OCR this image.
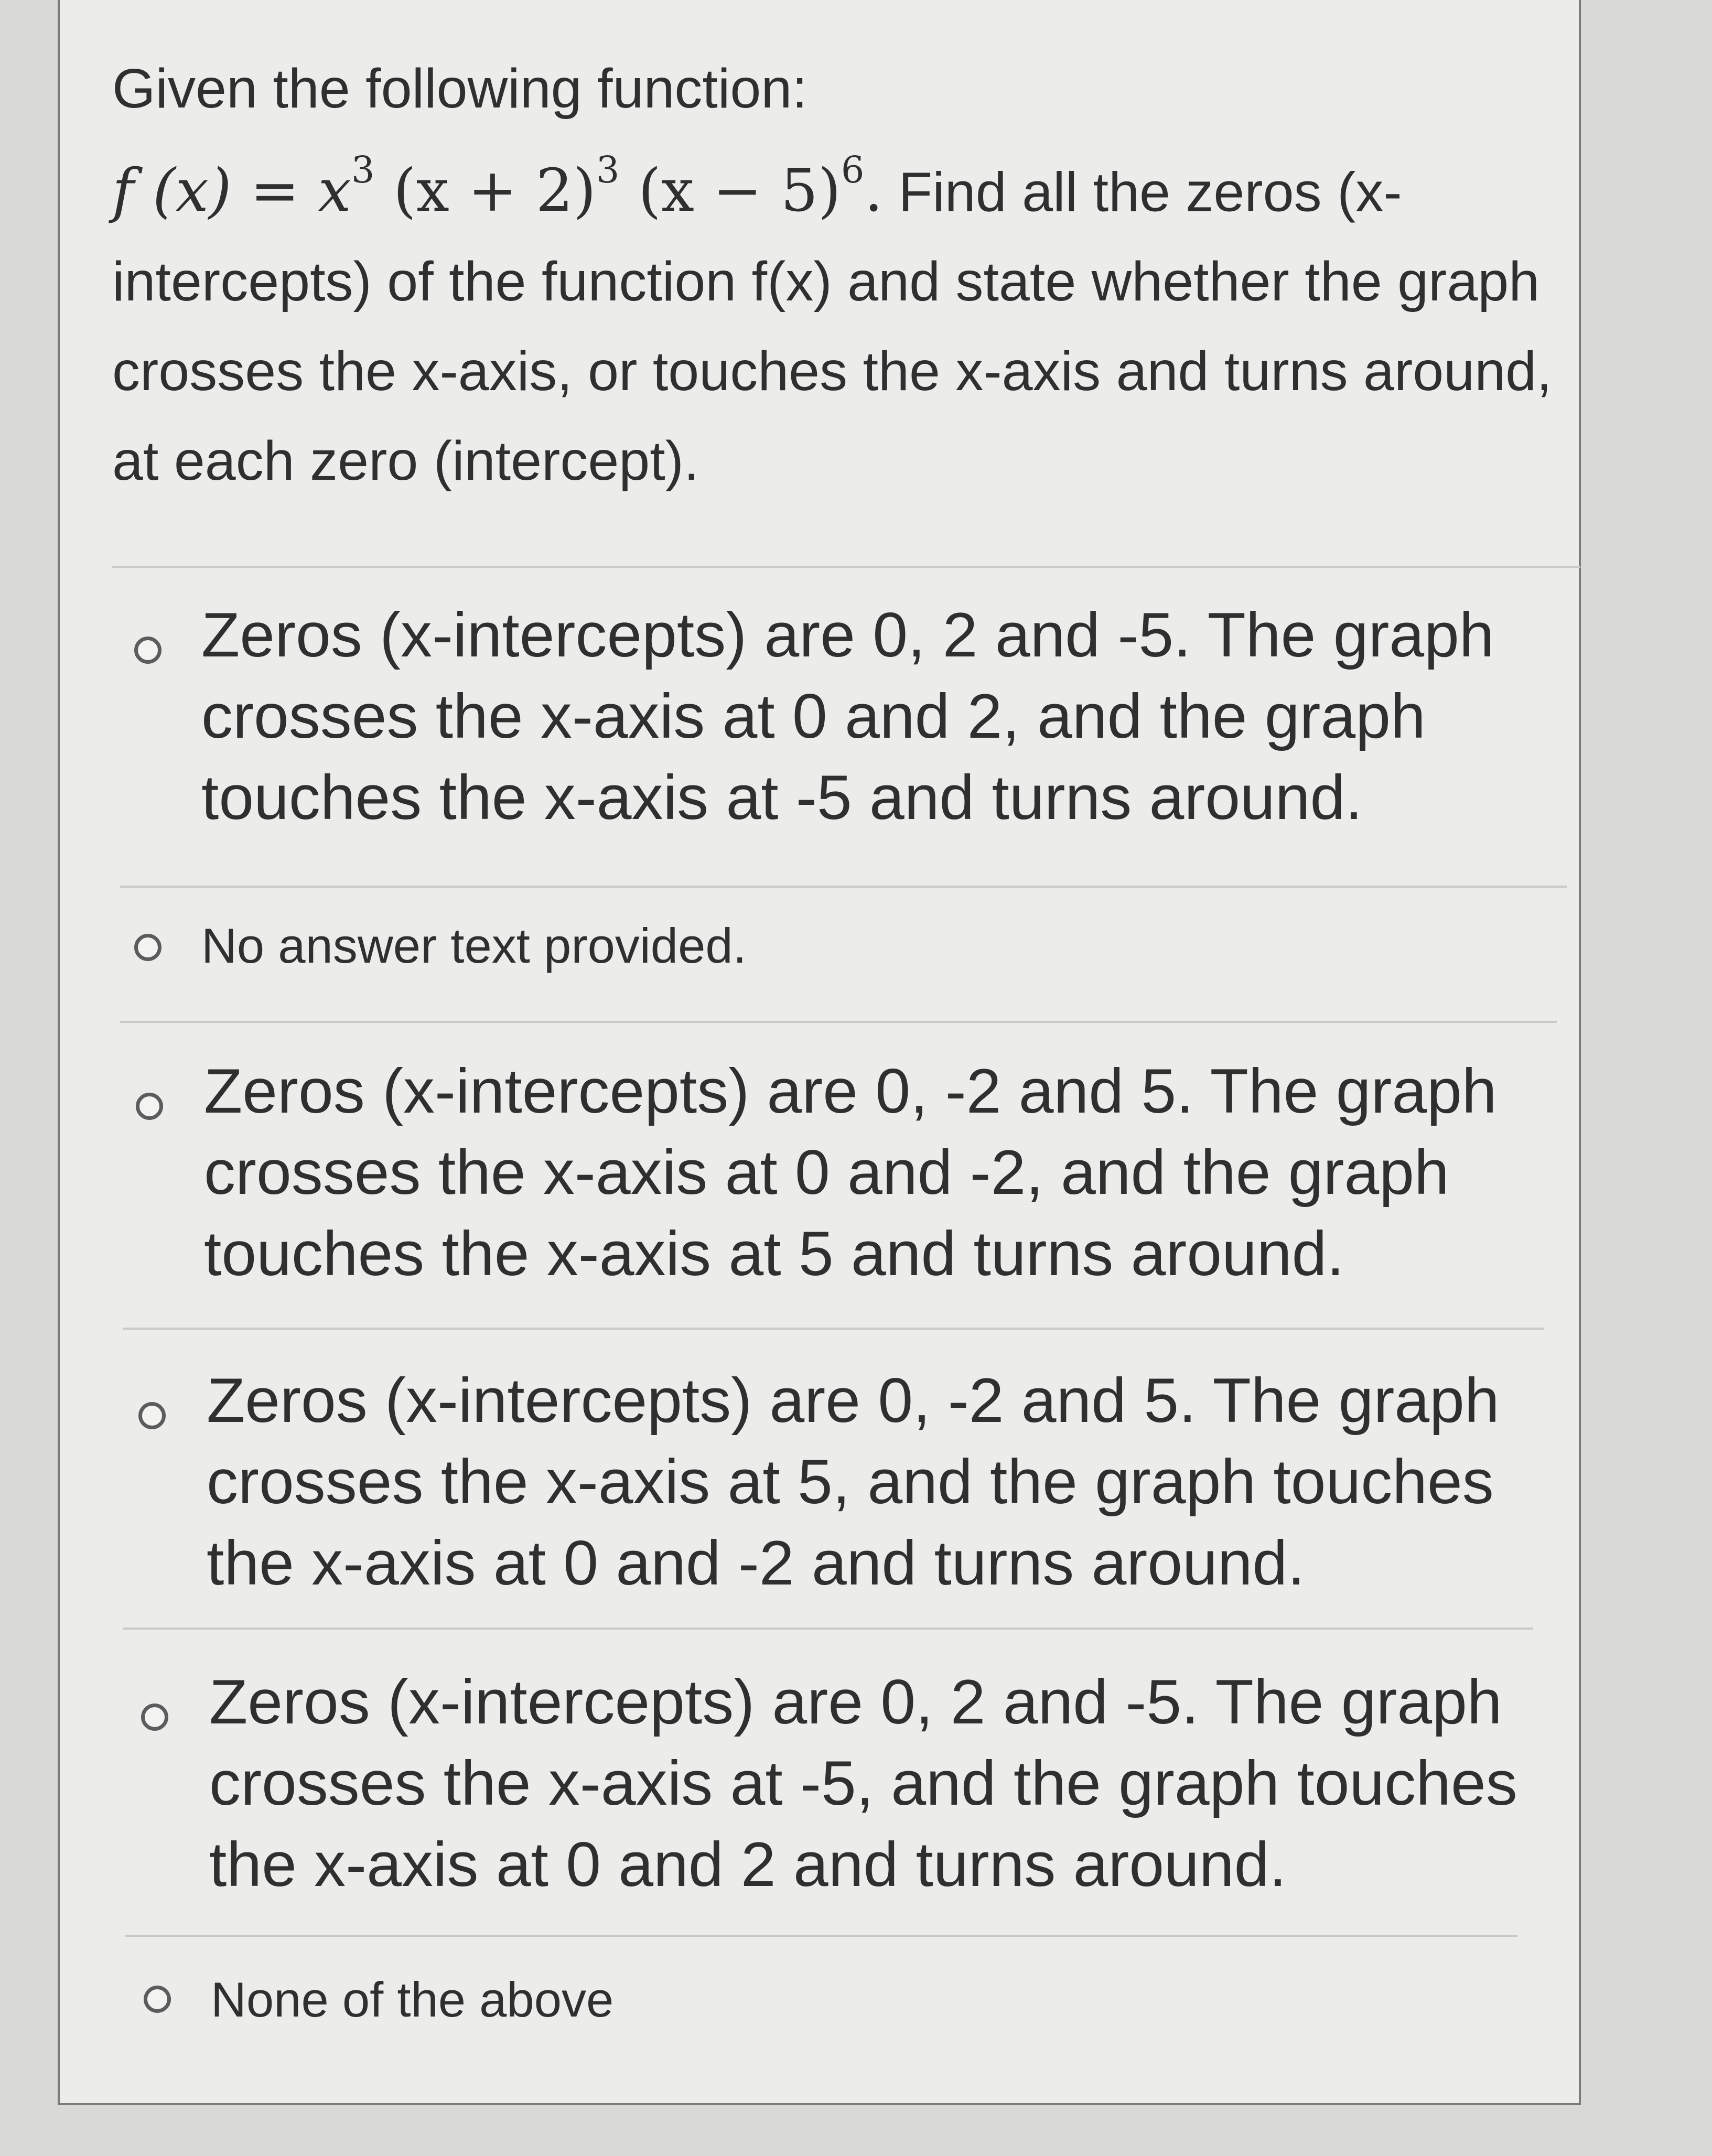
Given the following function:
f $(x) = x^3$ $(x + 2)^3$ $(x - 5)^6$. Find all the zeros (x-
intercepts) of the function f(x) and state whether the graph
crosses the x-axis, or touches the x-axis and turns around,
at each zero (intercept).
Zeros (x-intercepts) are 0, 2 and -5. The graph
crosses the x-axis at 0 and 2, and the graph
touches the x-axis at -5 and turns around.
No answer text provided.
Zeros (x-intercepts) are 0, -2 and 5. The graph
crosses the x-axis at 0 and -2, and the graph
touches the x-axis at 5 and turns around.
Zeros (x-intercepts) are 0, -2 and 5. The graph
crosses the x-axis at 5, and the graph touches
the x-axis at 0 and -2 and turns around.
Zeros (x-intercepts) are 0, 2 and -5. The graph
crosses the x-axis at -5, and the graph touches
the x-axis at 0 and 2 and turns around.
None of the above
